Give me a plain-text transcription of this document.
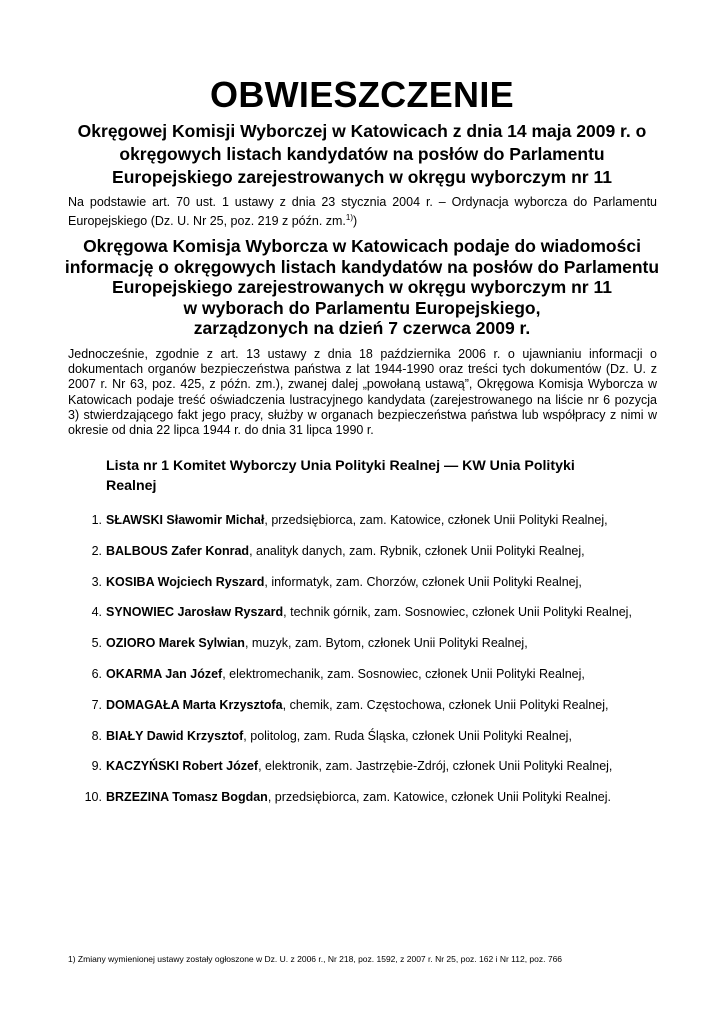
OBWIESZCZENIE
Okręgowej Komisji Wyborczej w Katowicach z dnia 14 maja 2009 r. o okręgowych listach kandydatów na posłów do Parlamentu Europejskiego zarejestrowanych w okręgu wyborczym nr 11
Na podstawie art. 70 ust. 1 ustawy z dnia 23 stycznia 2004 r. – Ordynacja wyborcza do Parlamentu Europejskiego (Dz. U. Nr 25, poz. 219 z późn. zm.$^{1)}$)
Okręgowa Komisja Wyborcza w Katowicach podaje do wiadomości
informację o okręgowych listach kandydatów na posłów do Parlamentu
Europejskiego zarejestrowanych w okręgu wyborczym nr 11
w wyborach do Parlamentu Europejskiego,
zarządzonych na dzień 7 czerwca 2009 r.
Jednocześnie, zgodnie z art. 13 ustawy z dnia 18 października 2006 r. o ujawnianiu informacji o dokumentach organów bezpieczeństwa państwa z lat 1944-1990 oraz treści tych dokumentów (Dz. U. z 2007 r. Nr 63, poz. 425, z późn. zm.), zwanej dalej „powołaną ustawą”, Okręgowa Komisja Wyborcza w Katowicach podaje treść oświadczenia lustracyjnego kandydata (zarejestrowanego na liście nr 6 pozycja 3) stwierdzającego fakt jego pracy, służby w organach bezpieczeństwa państwa lub współpracy z nimi w okresie od dnia 22 lipca 1944 r. do dnia 31 lipca 1990 r.
Lista nr 1 Komitet Wyborczy Unia Polityki Realnej — KW Unia Polityki Realnej
1. SŁAWSKI Sławomir Michał, przedsiębiorca, zam. Katowice, członek Unii Polityki Realnej,
2. BALBOUS Zafer Konrad, analityk danych, zam. Rybnik, członek Unii Polityki Realnej,
3. KOSIBA Wojciech Ryszard, informatyk, zam. Chorzów, członek Unii Polityki Realnej,
4. SYNOWIEC Jarosław Ryszard, technik górnik, zam. Sosnowiec, członek Unii Polityki Realnej,
5. OZIORO Marek Sylwian, muzyk, zam. Bytom, członek Unii Polityki Realnej,
6. OKARMA Jan Józef, elektromechanik, zam. Sosnowiec, członek Unii Polityki Realnej,
7. DOMAGAŁA Marta Krzysztofa, chemik, zam. Częstochowa, członek Unii Polityki Realnej,
8. BIAŁY Dawid Krzysztof, politolog, zam. Ruda Śląska, członek Unii Polityki Realnej,
9. KACZYŃSKI Robert Józef, elektronik, zam. Jastrzębie-Zdrój, członek Unii Polityki Realnej,
10. BRZEZINA Tomasz Bogdan, przedsiębiorca, zam. Katowice, członek Unii Polityki Realnej.
1) Zmiany wymienionej ustawy zostały ogłoszone w Dz. U. z 2006 r., Nr 218, poz. 1592, z 2007 r. Nr 25, poz. 162 i Nr 112, poz. 766
